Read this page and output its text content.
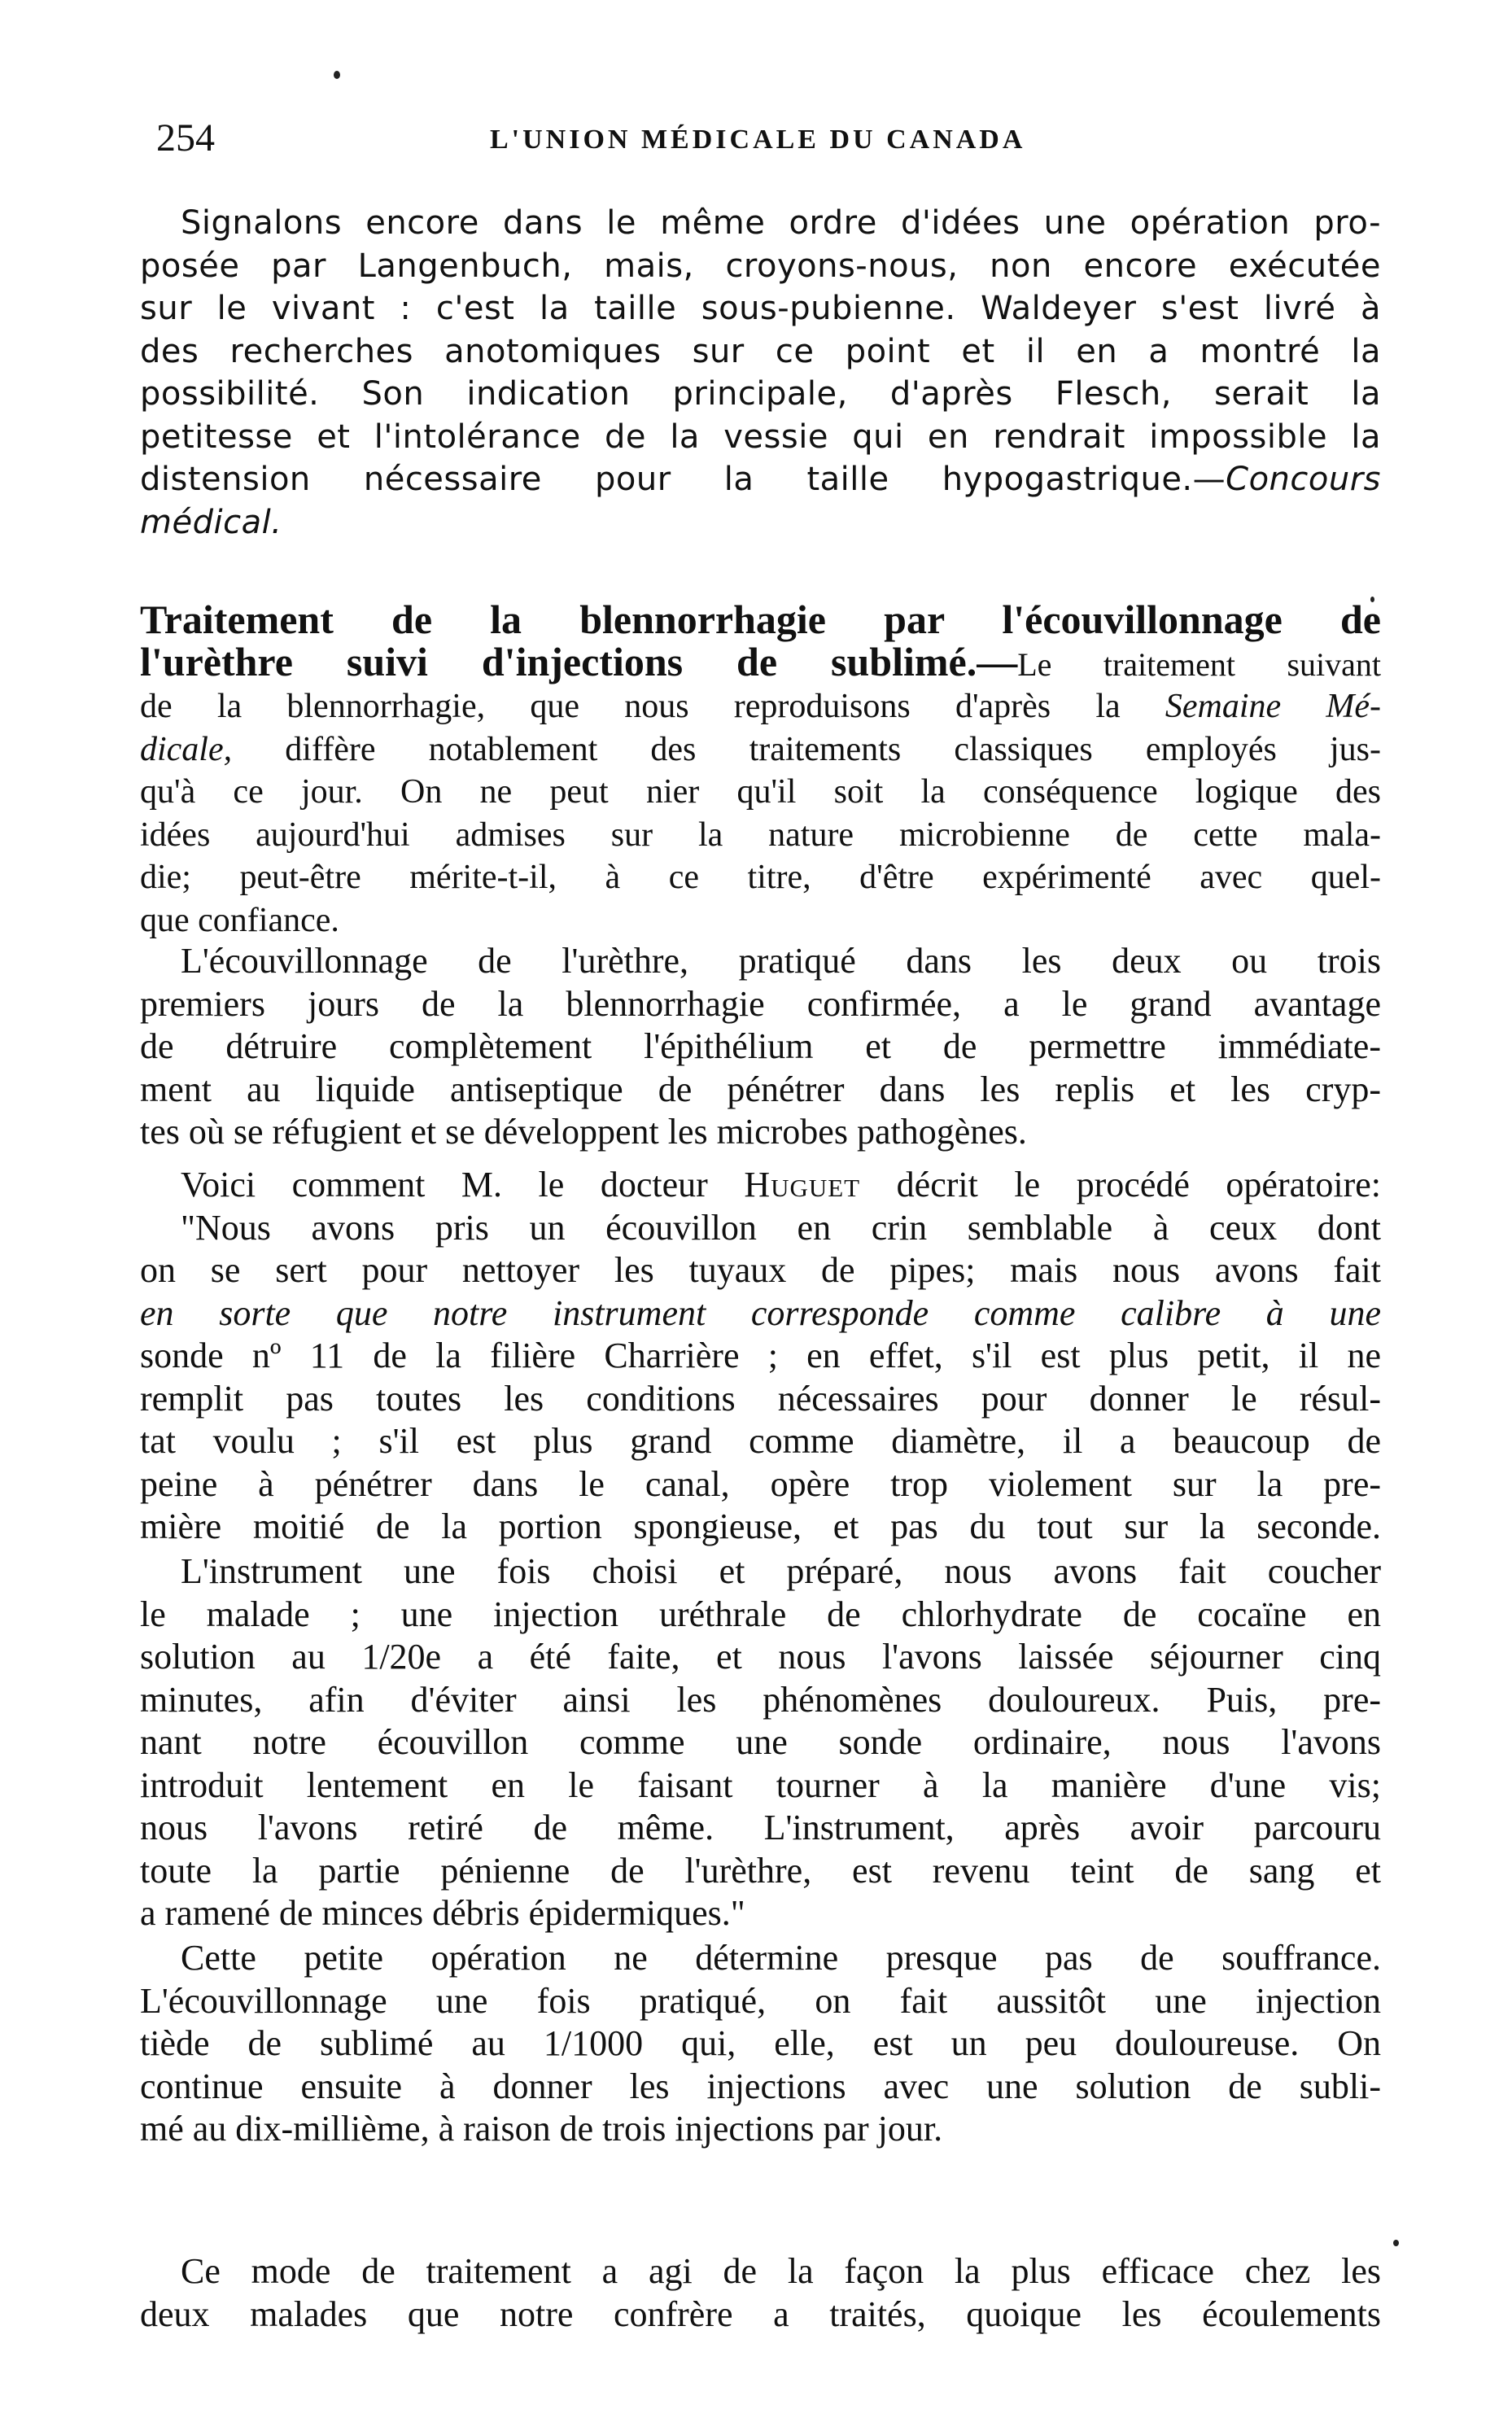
254	L'UNION MÉDICALE DU CANADA
Signalons encore dans le même ordre d'idées une opération pro-
posée par Langenbuch, mais, croyons-nous, non encore exécutée
sur le vivant : c'est la taille sous-pubienne. Waldeyer s'est livré à
des recherches anotomiques sur ce point et il en a montré la
possibilité. Son indication principale, d'après Flesch, serait la
petitesse et l'intolérance de la vessie qui en rendrait impossible la
distension nécessaire pour la taille hypogastrique.—Concours
médical.
Traitement de la blennorrhagie par l'écouvillonnage de
l'urèthre suivi d'injections de sublimé.—Le traitement suivant
de la blennorrhagie, que nous reproduisons d'après la Semaine Mé-
dicale, diffère notablement des traitements classiques employés jus-
qu'à ce jour. On ne peut nier qu'il soit la conséquence logique des
idées aujourd'hui admises sur la nature microbienne de cette mala-
die; peut-être mérite-t-il, à ce titre, d'être expérimenté avec quel-
que confiance.
L'écouvillonnage de l'urèthre, pratiqué dans les deux ou trois
premiers jours de la blennorrhagie confirmée, a le grand avantage
de détruire complètement l'épithélium et de permettre immédiate-
ment au liquide antiseptique de pénétrer dans les replis et les cryp-
tes où se réfugient et se développent les microbes pathogènes.
Voici comment M. le docteur Huguet décrit le procédé opératoire:
"Nous avons pris un écouvillon en crin semblable à ceux dont
on se sert pour nettoyer les tuyaux de pipes; mais nous avons fait
en sorte que notre instrument corresponde comme calibre à une
sonde nº 11 de la filière Charrière ; en effet, s'il est plus petit, il ne
remplit pas toutes les conditions nécessaires pour donner le résul-
tat voulu ; s'il est plus grand comme diamètre, il a beaucoup de
peine à pénétrer dans le canal, opère trop violement sur la pre-
mière moitié de la portion spongieuse, et pas du tout sur la seconde.
L'instrument une fois choisi et préparé, nous avons fait coucher
le malade ; une injection uréthrale de chlorhydrate de cocaïne en
solution au 1/20e a été faite, et nous l'avons laissée séjourner cinq
minutes, afin d'éviter ainsi les phénomènes douloureux. Puis, pre-
nant notre écouvillon comme une sonde ordinaire, nous l'avons
introduit lentement en le faisant tourner à la manière d'une vis;
nous l'avons retiré de même. L'instrument, après avoir parcouru
toute la partie pénienne de l'urèthre, est revenu teint de sang et
a ramené de minces débris épidermiques."
Cette petite opération ne détermine presque pas de souffrance.
L'écouvillonnage une fois pratiqué, on fait aussitôt une injection
tiède de sublimé au 1/1000 qui, elle, est un peu douloureuse. On
continue ensuite à donner les injections avec une solution de subli-
mé au dix-millième, à raison de trois injections par jour.
Ce mode de traitement a agi de la façon la plus efficace chez les
deux malades que notre confrère a traités, quoique les écoulements
